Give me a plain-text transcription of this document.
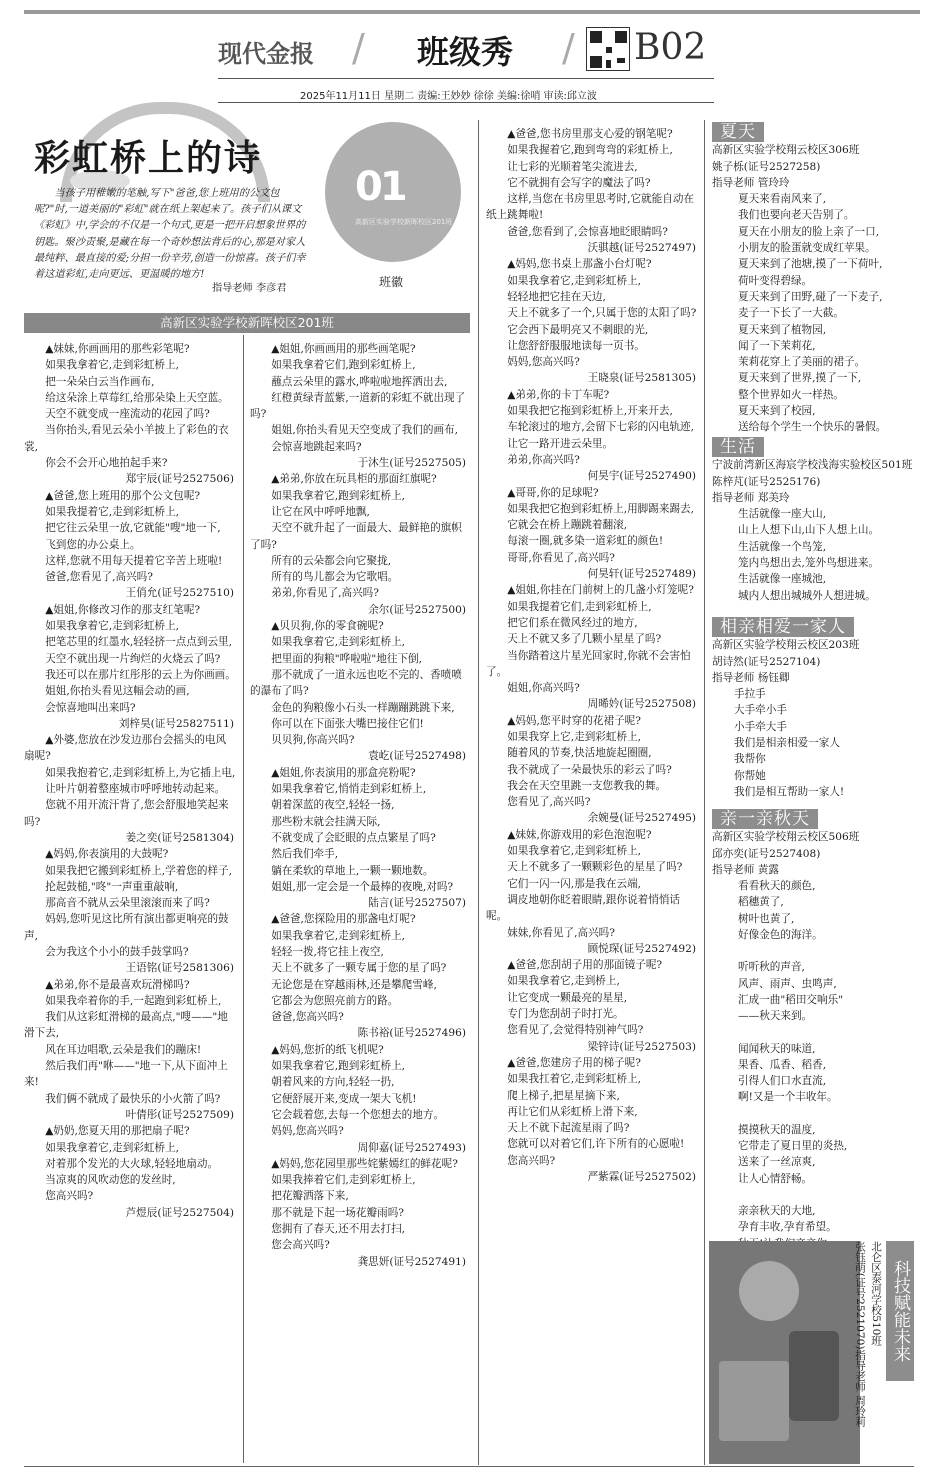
现代金报 / 班级秀 / B02
2025年11月11日 星期二 责编:王妙妙 徐徐 美编:徐哨 审读:邱立波
彩虹桥上的诗
当孩子用稚嫩的笔触,写下"爸爸,您上班用的公文包呢?"时,一道美丽的"彩虹"就在纸上架起来了。孩子们从课文《彩虹》中,学会的不仅是一个句式,更是一把开启想象世界的钥匙。聚沙责聚,是藏在每一个奇妙想法背后的心,那是对家人最纯粹、最直接的爱;分担一份辛劳,创造一份惊喜。孩子们幸着这道彩虹,走向更远、更温暖的地方!
指导老师 李彦君
01
高新区实验学校新晖校区201班
班徽
高新区实验学校新晖校区201班

▲妹妹,你画画用的那些彩笔呢?

如果我拿着它,走到彩虹桥上,

把一朵朵白云当作画布,

给这朵涂上草莓红,给那朵染上天空蓝。

天空不就变成一座流动的花园了吗?

当你抬头,看见云朵小羊披上了彩色的衣裳,

你会不会开心地拍起手来?

郑宇辰(证号2527506)

▲爸爸,您上班用的那个公文包呢?

如果我提着它,走到彩虹桥上,

把它往云朵里一放,它就能"嗖"地一下,

飞到您的办公桌上。

这样,您就不用每天提着它辛苦上班啦!

爸爸,您看见了,高兴吗?

王俏允(证号2527510)

▲姐姐,你修改习作的那支红笔呢?

如果我拿着它,走到彩虹桥上,

把笔芯里的红墨水,轻轻挤一点点到云里,

天空不就出现一片绚烂的火烧云了吗?

我还可以在那片红彤彤的云上为你画画。

姐姐,你抬头看见这幅会动的画,

会惊喜地叫出来吗?

刘梓昊(证号25827511)

▲外婆,您放在沙发边那台会摇头的电风扇呢?

如果我抱着它,走到彩虹桥上,为它插上电,

让叶片朝着整座城市呼呼地转动起来。

您就不用开流汗背了,您会舒服地笑起来吗?

姜之奕(证号2581304)

▲妈妈,你表演用的大鼓呢?

如果我把它搬到彩虹桥上,学着您的样子,

抡起鼓槌,"咚"一声重重敲响,

那高音不就从云朵里滚滚而来了吗?

妈妈,您听见这比所有演出都更响亮的鼓声,

会为我这个小小的鼓手鼓掌吗?

王语铭(证号2581306)

▲弟弟,你不是最喜欢玩滑梯吗?

如果我牵着你的手,一起跑到彩虹桥上,

我们从这彩虹滑梯的最高点,"嗖——"地滑下去,

风在耳边唱歌,云朵是我们的蹦床!

然后我们再"咻——"地一下,从下面冲上来!

我们俩不就成了最快乐的小火箭了吗?

叶倩彤(证号2527509)

▲奶奶,您夏天用的那把扇子呢?

如果我拿着它,走到彩虹桥上,

对着那个发光的大火球,轻轻地扇动。

当凉爽的风吹动您的发丝时,

您高兴吗?

芦煜辰(证号2527504)

▲姐姐,你画画用的那些画笔呢?

如果我拿着它们,跑到彩虹桥上,

蘸点云朵里的露水,哗啦啦地挥洒出去,

红橙黄绿青蓝紫,一道新的彩虹不就出现了吗?

姐姐,你抬头看见天空变成了我们的画布,

会惊喜地跳起来吗?

于沐生(证号2527505)

▲弟弟,你放在玩具柜的那面红旗呢?

如果我拿着它,跑到彩虹桥上,

让它在风中呼呼地飘,

天空不就升起了一面最大、最鲜艳的旗帜了吗?

所有的云朵都会向它聚拢,

所有的鸟儿都会为它歌唱。

弟弟,你看见了,高兴吗?

余尔(证号2527500)

▲贝贝狗,你的零食碗呢?

如果我拿着它,走到彩虹桥上,

把里面的狗粮"哗啦啦"地往下倒,

那不就成了一道永远也吃不完的、香喷喷的瀑布了吗?

金色的狗粮像小石头一样蹦蹦跳跳下来,

你可以在下面张大嘴巴接住它们!

贝贝狗,你高兴吗?

袁屹(证号2527498)

▲姐姐,你表演用的那盒亮粉呢?

如果我拿着它,悄悄走到彩虹桥上,

朝着深蓝的夜空,轻轻一扬,

那些粉末就会挂满天际,

不就变成了会眨眼的点点繁星了吗?

然后我们牵手,

躺在柔软的草地上,一颗一颗地数。

姐姐,那一定会是一个最棒的夜晚,对吗?

陆言(证号2527507)

▲爸爸,您探险用的那盏电灯呢?

如果我拿着它,走到彩虹桥上,

轻轻一拨,将它挂上夜空,

天上不就多了一颗专属于您的星了吗?

无论您是在穿越雨林,还是攀爬雪峰,

它都会为您照亮前方的路。

爸爸,您高兴吗?

陈书裕(证号2527496)

▲妈妈,您折的纸飞机呢?

如果我拿着它,跑到彩虹桥上,

朝着风来的方向,轻轻一扔,

它便舒展开来,变成一架大飞机!

它会载着您,去每一个您想去的地方。

妈妈,您高兴吗?

周仰嘉(证号2527493)

▲妈妈,您花园里那些姹紫嫣红的鲜花呢?

如果我捧着它们,走到彩虹桥上,

把花瓣洒落下来,

那不就是下起一场花瓣雨吗?

您拥有了春天,还不用去打扫,

您会高兴吗?

龚思妍(证号2527491)

▲爸爸,您书房里那支心爱的钢笔呢?

如果我握着它,跑到弯弯的彩虹桥上,

让七彩的光顺着笔尖流进去,

它不就拥有会写字的魔法了吗?

这样,当您在书房里思考时,它就能自动在纸上跳舞啦!

爸爸,您看到了,会惊喜地眨眼睛吗?

沃骐越(证号2527497)

▲妈妈,您书桌上那盏小台灯呢?

如果我拿着它,走到彩虹桥上,

轻轻地把它挂在天边,

天上不就多了一个,只属于您的太阳了吗?

它会西下最明亮又不刺眼的光,

让您舒舒服服地读每一页书。

妈妈,您高兴吗?

王晓泉(证号2581305)

▲弟弟,你的卡丁车呢?

如果我把它拖到彩虹桥上,开来开去,

车轮滚过的地方,会留下七彩的闪电轨迹,

让它一路开进云朵里。

弟弟,你高兴吗?

何昊宇(证号2527490)

▲哥哥,你的足球呢?

如果我把它抱到彩虹桥上,用脚踢来踢去,

它就会在桥上蹦跳着翻滚,

每滚一圈,就多染一道彩虹的颜色!

哥哥,你看见了,高兴吗?

何昊轩(证号2527489)

▲姐姐,你挂在门前树上的几盏小灯笼呢?

如果我提着它们,走到彩虹桥上,

把它们系在微风经过的地方,

天上不就又多了几颗小星星了吗?

当你踏着这片星光回家时,你就不会害怕了。

姐姐,你高兴吗?

周晞妗(证号2527508)

▲妈妈,您平时穿的花裙子呢?

如果我穿上它,走到彩虹桥上,

随着风的节奏,快活地旋起圈圈,

我不就成了一朵最快乐的彩云了吗?

我会在天空里跳一支您教我的舞。

您看见了,高兴吗?

余婉曼(证号2527495)

▲妹妹,你游戏用的彩色泡泡呢?

如果我拿着它,走到彩虹桥上,

天上不就多了一颗颗彩色的星星了吗?

它们一闪一闪,那是我在云端,

调皮地朝你眨着眼睛,跟你说着悄悄话呢。

妹妹,你看见了,高兴吗?

顾悦琛(证号2527492)

▲爸爸,您刮胡子用的那面镜子呢?

如果我拿着它,走到桥上,

让它变成一颗最亮的星星,

专门为您刮胡子时打光。

您看见了,会觉得特别神气吗?

梁锌诗(证号2527503)

▲爸爸,您建房子用的梯子呢?

如果我扛着它,走到彩虹桥上,

爬上梯子,把星星摘下来,

再让它们从彩虹桥上滑下来,

天上不就下起流星雨了吗?

您就可以对着它们,许下所有的心愿啦!

您高兴吗?

严紫霖(证号2527502)
夏天
高新区实验学校翔云校区306班
姚子栎(证号2527258)
指导老师 管玲玲
夏天来看南风来了,
我们也要向老天告别了。
夏天在小朋友的脸上亲了一口,
小朋友的脸蛋就变成红苹果。
夏天来到了池塘,摸了一下荷叶,
荷叶变得碧绿。
夏天来到了田野,碰了一下麦子,
麦子一下长了一大截。
夏天来到了植物园,
闻了一下茉莉花,
茉莉花穿上了美丽的裙子。
夏天来到了世界,摸了一下,
整个世界如火一样热。
夏天来到了校园,
送给每个学生一个快乐的暑假。
生活
宁波前湾新区海宸学校浅海实验校区501班
陈梓芃(证号2525176)
指导老师 郑美玲
生活就像一座大山,
山上人想下山,山下人想上山。
生活就像一个鸟笼,
笼内鸟想出去,笼外鸟想进来。
生活就像一座城池,
城内人想出城城外人想进城。
相亲相爱一家人
高新区实验学校翔云校区203班
胡诗然(证号2527104)
指导老师 杨钰卿
手拉手
大手牵小手
小手牵大手
我们是相亲相爱一家人
我帮你
你帮她
我们是相互帮助一家人!
亲一亲秋天
高新区实验学校翔云校区506班
邱亦奕(证号2527408)
指导老师 黄露
看看秋天的颜色,
稻穗黄了,
树叶也黄了,
好像金色的海洋。
听听秋的声音,
风声、雨声、虫鸣声,
汇成一曲"稻田交响乐"
——秋天来到。
闻闻秋天的味道,
果香、瓜香、稻香,
引得人们口水直流,
啊!又是一个丰收年。
摸摸秋天的温度,
它带走了夏日里的炎热,
送来了一丝凉爽,
让人心情舒畅。
亲亲秋天的大地,
孕育丰收,孕育希望。
科技赋能未来
北仑区泰河学校510班
张钰萌(证号2521070)指导老师 周玲莉
